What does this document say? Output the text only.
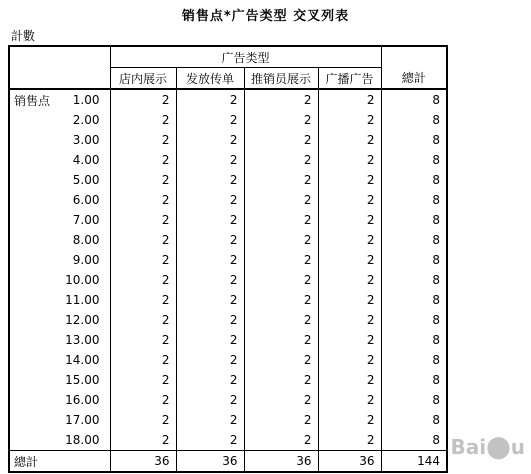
销售点*广告类型 交叉列表
計數
		广告类型				總計
		店内展示	发放传单	推销员展示	广播广告	
销售点	1.00	2	2	2	2	8
	2.00	2	2	2	2	8
	3.00	2	2	2	2	8
	4.00	2	2	2	2	8
	5.00	2	2	2	2	8
	6.00	2	2	2	2	8
	7.00	2	2	2	2	8
	8.00	2	2	2	2	8
	9.00	2	2	2	2	8
	10.00	2	2	2	2	8
	11.00	2	2	2	2	8
	12.00	2	2	2	2	8
	13.00	2	2	2	2	8
	14.00	2	2	2	2	8
	15.00	2	2	2	2	8
	16.00	2	2	2	2	8
	17.00	2	2	2	2	8
	18.00	2	2	2	2	8
總計		36	36	36	36	144
Bai⬤u
